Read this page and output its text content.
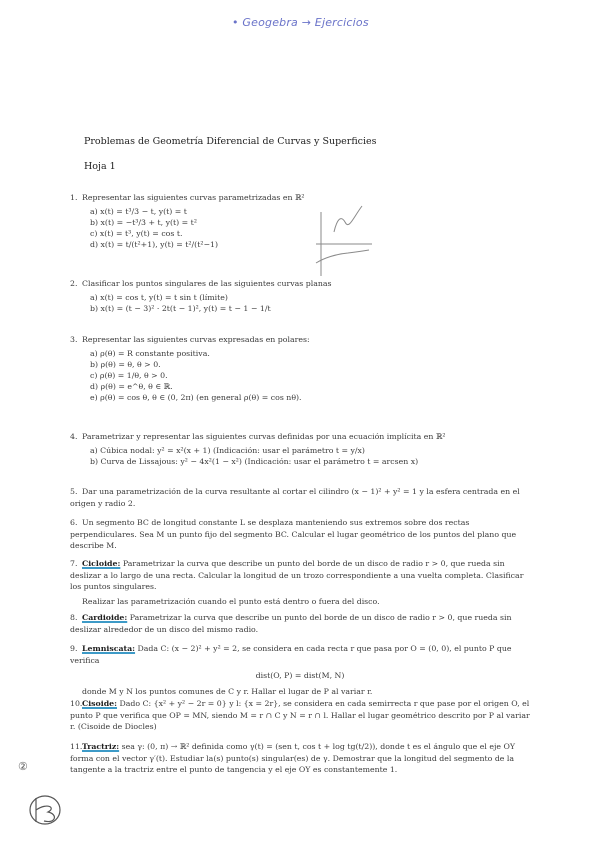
• Geogebra → Ejercicios
Problemas de Geometría Diferencial de Curvas y Superficies
Hoja 1
1. Representar las siguientes curvas parametrizadas en ℝ²
a) x(t) = t³/3 − t, y(t) = t
b) x(t) = −t³/3 + t, y(t) = t²
c) x(t) = t³, y(t) = cos t.
d) x(t) = t/(t²+1), y(t) = t²/(t²−1)
2. Clasificar los puntos singulares de las siguientes curvas planas
a) x(t) = cos t, y(t) = t sin t (límite)
b) x(t) = (t − 3)² · 2t(t − 1)², y(t) = t − 1 − 1/t
3. Representar las siguientes curvas expresadas en polares:
a) ρ(θ) = R constante positiva.
b) ρ(θ) = θ, θ > 0.
c) ρ(θ) = 1/θ, θ > 0.
d) ρ(θ) = e^θ, θ ∈ ℝ.
e) ρ(θ) = cos θ, θ ∈ (0, 2π) (en general ρ(θ) = cos nθ).
4. Parametrizar y representar las siguientes curvas definidas por una ecuación implícita en ℝ²
a) Cúbica nodal: y² = x²(x + 1) (Indicación: usar el parámetro t = y/x)
b) Curva de Lissajous: y² − 4x²(1 − x²) (Indicación: usar el parámetro t = arcsen x)
5. Dar una parametrización de la curva resultante al cortar el cilindro (x − 1)² + y² = 1 y la esfera centrada en el origen y radio 2.
6. Un segmento BC de longitud constante L se desplaza manteniendo sus extremos sobre dos rectas perpendiculares. Sea M un punto fijo del segmento BC. Calcular el lugar geométrico de los puntos del plano que describe M.
7. Cicloide: Parametrizar la curva que describe un punto del borde de un disco de radio r > 0, que rueda sin deslizar a lo largo de una recta. Calcular la longitud de un trozo correspondiente a una vuelta completa. Clasificar los puntos singulares.
Realizar las parametrización cuando el punto está dentro o fuera del disco.
8. Cardioide: Parametrizar la curva que describe un punto del borde de un disco de radio r > 0, que rueda sin deslizar alrededor de un disco del mismo radio.
9. Lemniscata: Dada C: (x − 2)² + y² = 2, se considera en cada recta r que pasa por O = (0, 0), el punto P que verifica
dist(O, P) = dist(M, N)
donde M y N los puntos comunes de C y r. Hallar el lugar de P al variar r.
10.Cisoide: Dado C: {x² + y² − 2r = 0} y l: {x = 2r}, se considera en cada semirrecta r que pase por el origen O, el punto P que verifica que OP = MN, siendo M = r ∩ C y N = r ∩ l. Hallar el lugar geométrico descrito por P al variar r. (Cisoide de Diocles)
11.Tractriz: sea γ: (0, π) → ℝ² definida como γ(t) = (sen t, cos t + log tg(t/2)), donde t es el ángulo que el eje OY forma con el vector γ′(t). Estudiar la(s) punto(s) singular(es) de γ. Demostrar que la longitud del segmento de la tangente a la tractriz entre el punto de tangencia y el eje OY es constantemente 1.
②
